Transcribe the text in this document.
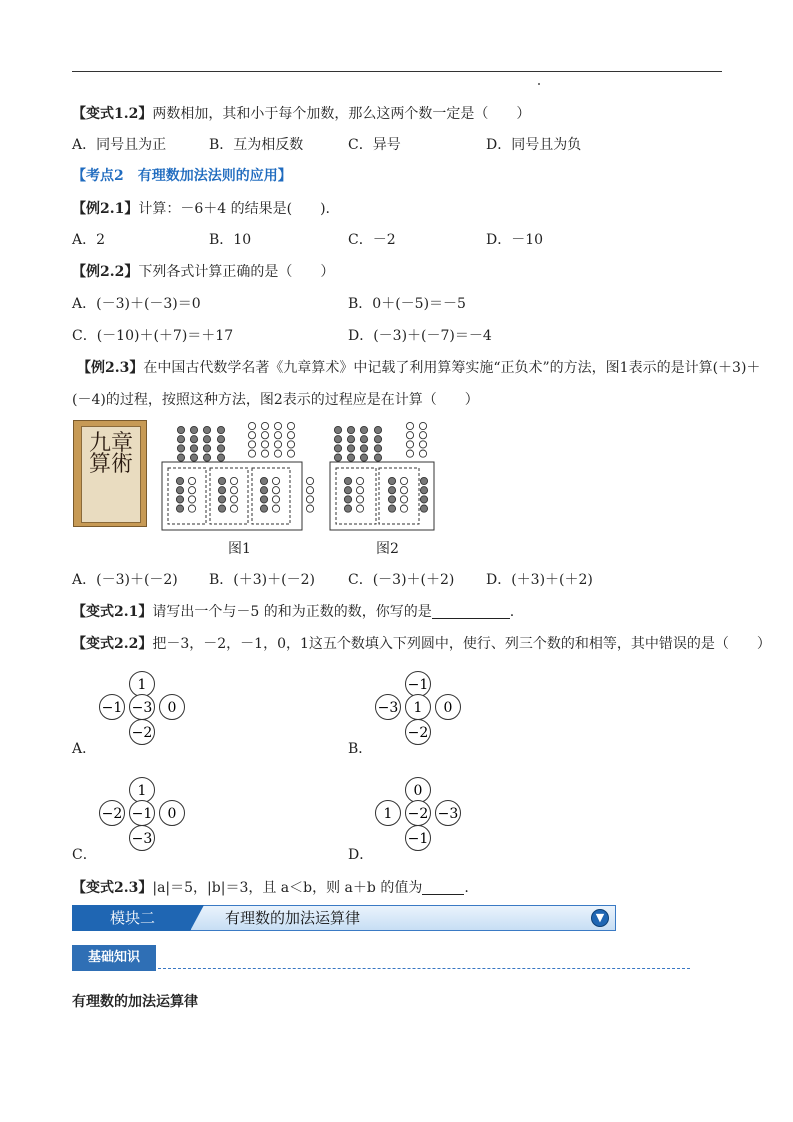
【变式1.2】两数相加，其和小于每个加数，那么这两个数一定是（　　）
A．同号且为正	B．互为相反数	C．异号	D．同号且为负
【考点2　有理数加法法则的应用】
【例2.1】计算：－6＋4 的结果是(　　).
A．2	B．10	C．－2	D．－10
【例2.2】下列各式计算正确的是（　　）
A．(－3)＋(－3)＝0	B．0＋(－5)＝－5
C．(－10)＋(＋7)＝＋17	D．(－3)＋(－7)＝－4
【例2.3】在中国古代数学名著《九章算术》中记载了利用算筹实施“正负术”的方法，图1表示的是计算(＋3)＋
(－4)的过程，按照这种方法，图2表示的过程应是在计算（　　）
九章算術
图1	图2
A．(－3)＋(－2) B．(＋3)＋(－2) C．(－3)＋(＋2) D．(＋3)＋(＋2)
【变式2.1】请写出一个与－5 的和为正数的数，你写的是	.
【变式2.2】把－3，－2，－1，0，1这五个数填入下列圆中，使行、列三个数的和相等，其中错误的是（　　）
1
−1 −3 0
−2
A．
−1
−3 1 0
−2
B．
1
−2 −1 0
−3
C．
0
1 −2 −3
−1
D．
【变式2.3】|a|＝5，|b|＝3，且 a＜b，则 a＋b 的值为	.
模块二	有理数的加法运算律	▼
基础知识
有理数的加法运算律
